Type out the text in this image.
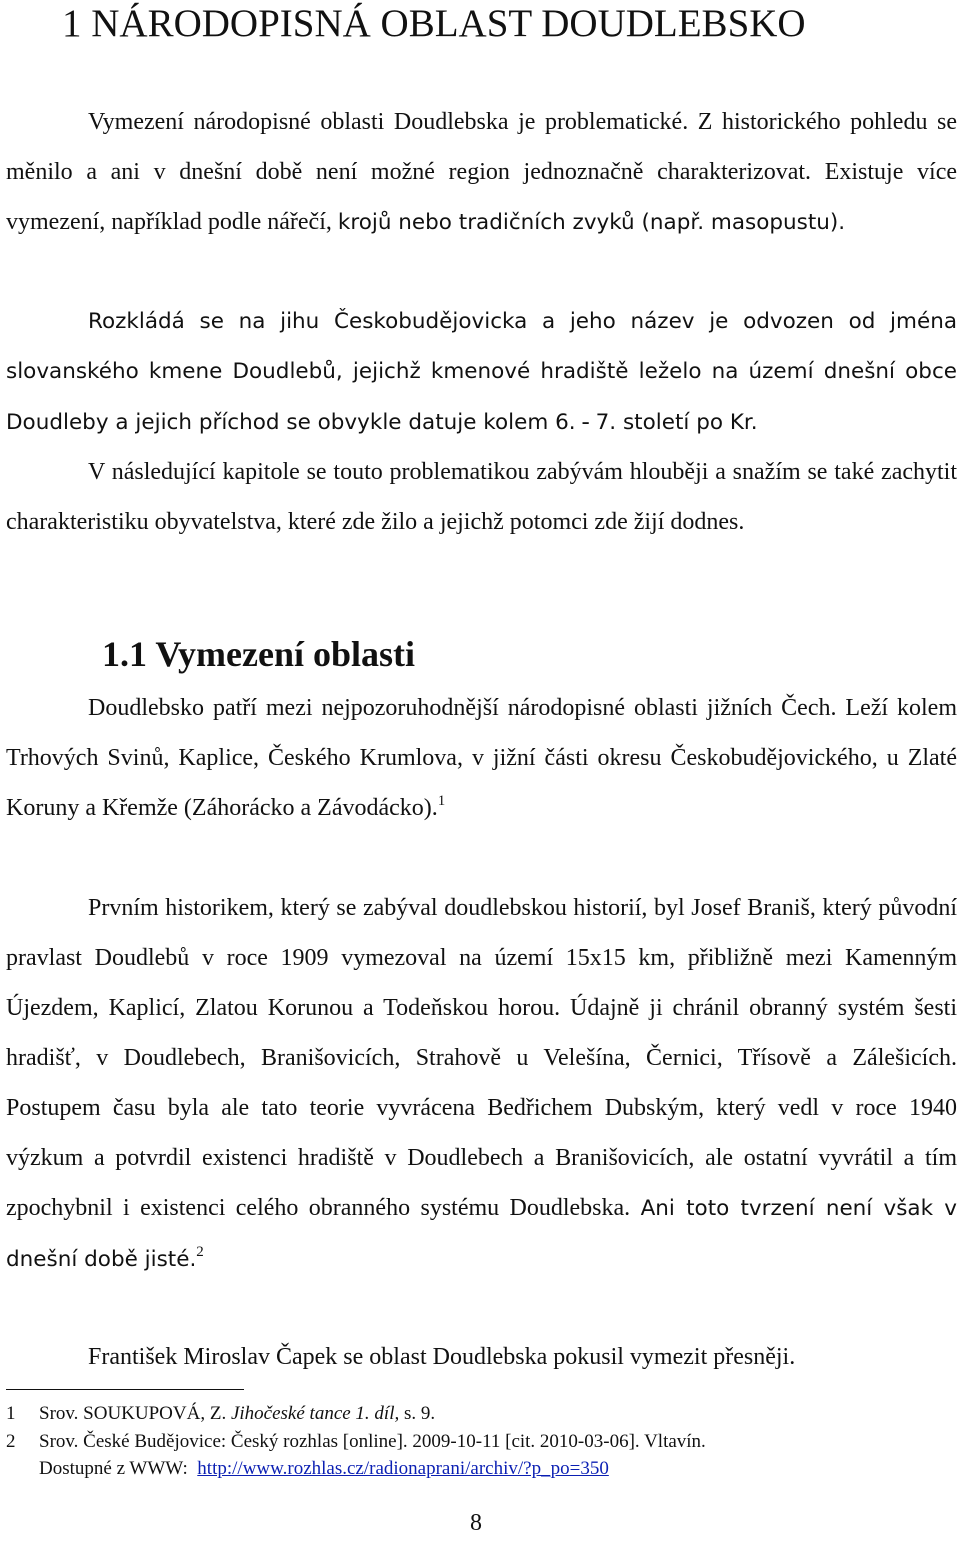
1 NÁRODOPISNÁ OBLAST DOUDLEBSKO

Vymezení národopisné oblasti Doudlebska je problematické. Z historického pohledu se měnilo a ani v dnešní době není možné region jednoznačně charakterizovat. Existuje více vymezení, například podle nářečí, krojů nebo tradičních zvyků (např. masopustu).

Rozkládá se na jihu Českobudějovicka a jeho název je odvozen od jména slovanského kmene Doudlebů, jejichž kmenové hradiště leželo na území dnešní obce Doudleby a jejich příchod se obvykle datuje kolem 6. - 7. století po Kr.

V následující kapitole se touto problematikou zabývám hlouběji a snažím se také zachytit charakteristiku obyvatelstva, které zde žilo a jejichž potomci zde žijí dodnes.

1.1 Vymezení oblasti

Doudlebsko patří mezi nejpozoruhodnější národopisné oblasti jižních Čech. Leží kolem Trhových Svinů, Kaplice, Českého Krumlova, v jižní části okresu Českobudějovického, u Zlaté Koruny a Křemže (Záhorácko a Závodácko).$^1$

Prvním historikem, který se zabýval doudlebskou historií, byl Josef Braniš, který původní pravlast Doudlebů v roce 1909 vymezoval na území 15x15 km, přibližně mezi Kamenným Újezdem, Kaplicí, Zlatou Korunou a Todeňskou horou. Údajně ji chránil obranný systém šesti hradišť, v Doudlebech, Branišovicích, Strahově u Velešína, Černici, Třísově a Zálešicích. Postupem času byla ale tato teorie vyvrácena Bedřichem Dubským, který vedl v roce 1940 výzkum a potvrdil existenci hradiště v Doudlebech a Branišovicích, ale ostatní vyvrátil a tím zpochybnil i existenci celého obranného systému Doudlebska. Ani toto tvrzení není však v dnešní době jisté.$^2$

František Miroslav Čapek se oblast Doudlebska pokusil vymezit přesněji.

1 Srov. SOUKUPOVÁ, Z. Jihočeské tance 1. díl, s. 9.
2 Srov. České Budějovice: Český rozhlas [online]. 2009-10-11 [cit. 2010-03-06]. Vltavín.
Dostupné z WWW: http://www.rozhlas.cz/radionaprani/archiv/?p_po=350
8
